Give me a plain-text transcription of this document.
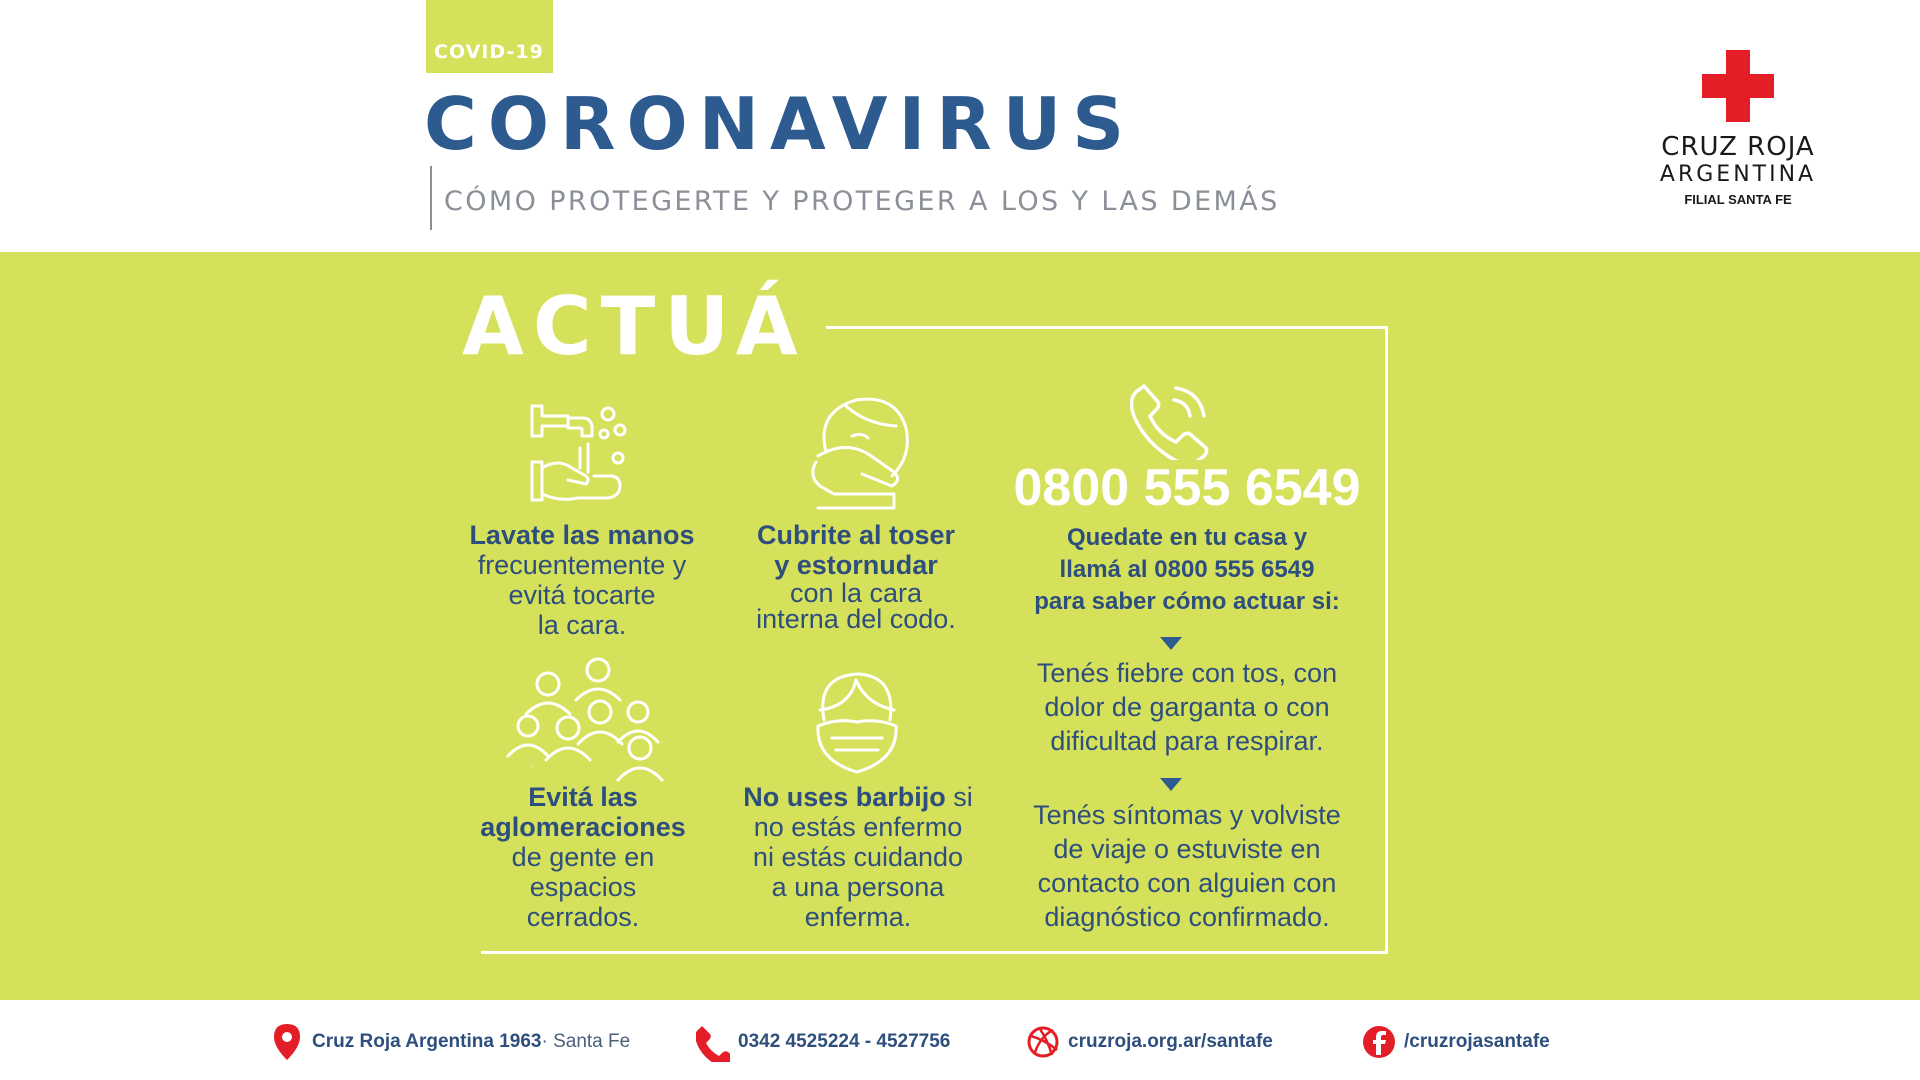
COVID-19
CORONAVIRUS
CÓMO PROTEGERTE Y PROTEGER A LOS Y LAS DEMÁS
CRUZ ROJA
ARGENTINA
FILIAL SANTA FE
ACTUÁ
Lavate las manos
frecuentemente y
evitá tocarte
la cara.
Cubrite al toser
y estornudar
con la cara
interna del codo.
0800 555 6549
Quedate en tu casa y
llamá al 0800 555 6549
para saber cómo actuar si:
Tenés fiebre con tos, con
dolor de garganta o con
dificultad para respirar.
Tenés síntomas y volviste
de viaje o estuviste en
contacto con alguien con
diagnóstico confirmado.
Evitá las
aglomeraciones
de gente en
espacios
cerrados.
No uses barbijo si
no estás enfermo
ni estás cuidando
a una persona
enferma.
Cruz Roja Argentina 1963 · Santa Fe	0342 4525224 - 4527756	cruzroja.org.ar/santafe	/cruzrojasantafe
